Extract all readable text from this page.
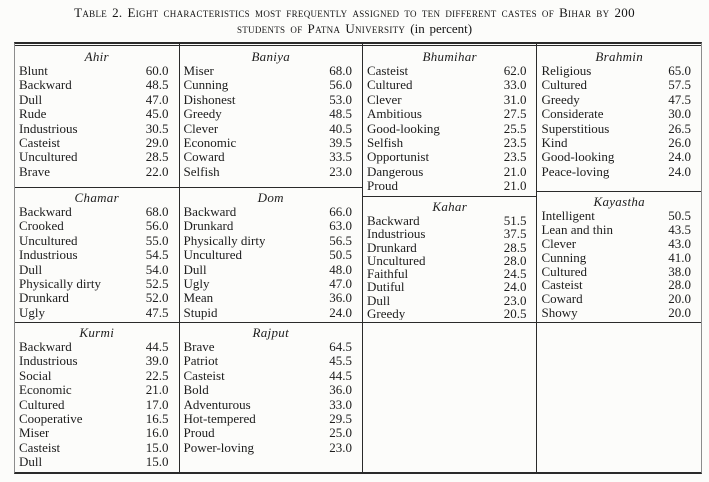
Table 2. Eight characteristics most frequently assigned to ten different castes of Bihar by 200
students of Patna University (in percent)
Ahir
Blunt	60.0
Backward	48.5
Dull	47.0
Rude	45.0
Industrious	30.5
Casteist	29.0
Uncultured	28.5
Brave	22.0
Chamar
Backward	68.0
Crooked	56.0
Uncultured	55.0
Industrious	54.5
Dull	54.0
Physically dirty	52.5
Drunkard	52.0
Ugly	47.5
Kurmi
Backward	44.5
Industrious	39.0
Social	22.5
Economic	21.0
Cultured	17.0
Cooperative	16.5
Miser	16.0
Casteist	15.0
Dull	15.0
Baniya
Miser	68.0
Cunning	56.0
Dishonest	53.0
Greedy	48.5
Clever	40.5
Economic	39.5
Coward	33.5
Selfish	23.0
Dom
Backward	66.0
Drunkard	63.0
Physically dirty	56.5
Uncultured	50.5
Dull	48.0
Ugly	47.0
Mean	36.0
Stupid	24.0
Rajput
Brave	64.5
Patriot	45.5
Casteist	44.5
Bold	36.0
Adventurous	33.0
Hot-tempered	29.5
Proud	25.0
Power-loving	23.0
Bhumihar
Casteist	62.0
Cultured	33.0
Clever	31.0
Ambitious	27.5
Good-looking	25.5
Selfish	23.5
Opportunist	23.5
Dangerous	21.0
Proud	21.0
Kahar
Backward	51.5
Industrious	37.5
Drunkard	28.5
Uncultured	28.0
Faithful	24.5
Dutiful	24.0
Dull	23.0
Greedy	20.5
Brahmin
Religious	65.0
Cultured	57.5
Greedy	47.5
Considerate	30.0
Superstitious	26.5
Kind	26.0
Good-looking	24.0
Peace-loving	24.0
Kayastha
Intelligent	50.5
Lean and thin	43.5
Clever	43.0
Cunning	41.0
Cultured	38.0
Casteist	28.0
Coward	20.0
Showy	20.0
